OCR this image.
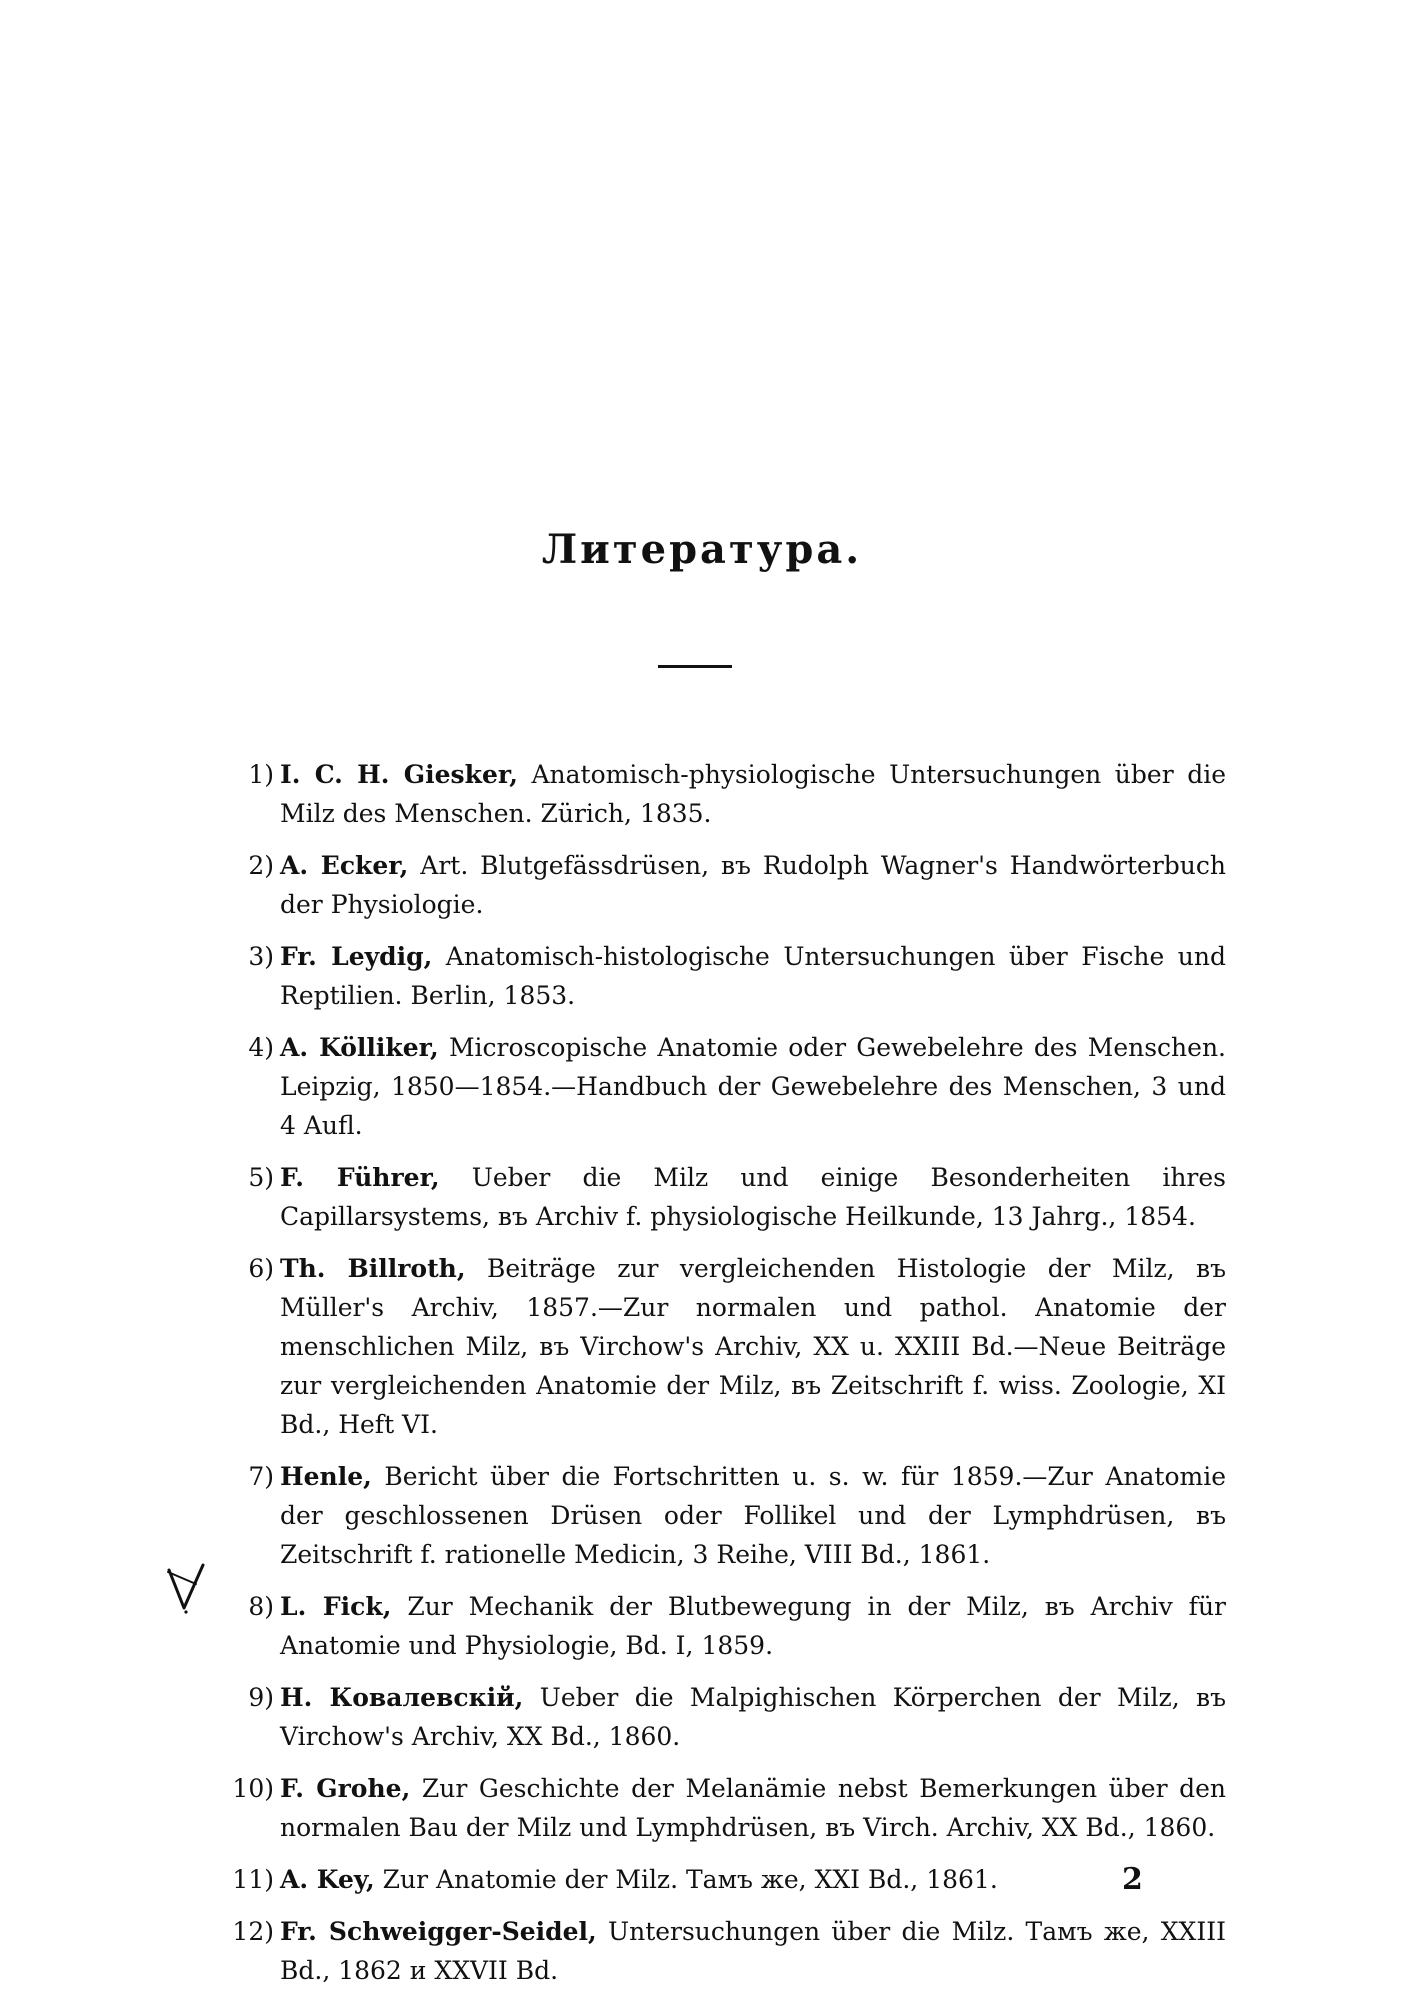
Литература.
1) I. C. H. Giesker, Anatomisch-physiologische Untersuchungen über die Milz des Menschen. Zürich, 1835.
2) A. Ecker, Art. Blutgefässdrüsen, въ Rudolph Wagner's Handwörterbuch der Physiologie.
3) Fr. Leydig, Anatomisch-histologische Untersuchungen über Fische und Reptilien. Berlin, 1853.
4) A. Kölliker, Microscopische Anatomie oder Gewebelehre des Menschen. Leipzig, 1850—1854.—Handbuch der Gewebelehre des Menschen, 3 und 4 Aufl.
5) F. Führer, Ueber die Milz und einige Besonderheiten ihres Capillarsystems, въ Archiv f. physiologische Heilkunde, 13 Jahrg., 1854.
6) Th. Billroth, Beiträge zur vergleichenden Histologie der Milz, въ Müller's Archiv, 1857.—Zur normalen und pathol. Anatomie der menschlichen Milz, въ Virchow's Archiv, XX u. XXIII Bd.—Neue Beiträge zur vergleichenden Anatomie der Milz, въ Zeitschrift f. wiss. Zoologie, XI Bd., Heft VI.
7) Henle, Bericht über die Fortschritten u. s. w. für 1859.—Zur Anatomie der geschlossenen Drüsen oder Follikel und der Lymphdrüsen, въ Zeitschrift f. rationelle Medicin, 3 Reihe, VIII Bd., 1861.
8) L. Fick, Zur Mechanik der Blutbewegung in der Milz, въ Archiv für Anatomie und Physiologie, Bd. I, 1859.
9) Н. Ковалевскій, Ueber die Malpighischen Körperchen der Milz, въ Virchow's Archiv, XX Bd., 1860.
10) F. Grohe, Zur Geschichte der Melanämie nebst Bemerkungen über den normalen Bau der Milz und Lymphdrüsen, въ Virch. Archiv, XX Bd., 1860.
11) A. Key, Zur Anatomie der Milz. Тамъ же, XXI Bd., 1861.
12) Fr. Schweigger-Seidel, Untersuchungen über die Milz. Тамъ же, XXIII Bd., 1862 и XXVII Bd.
2
